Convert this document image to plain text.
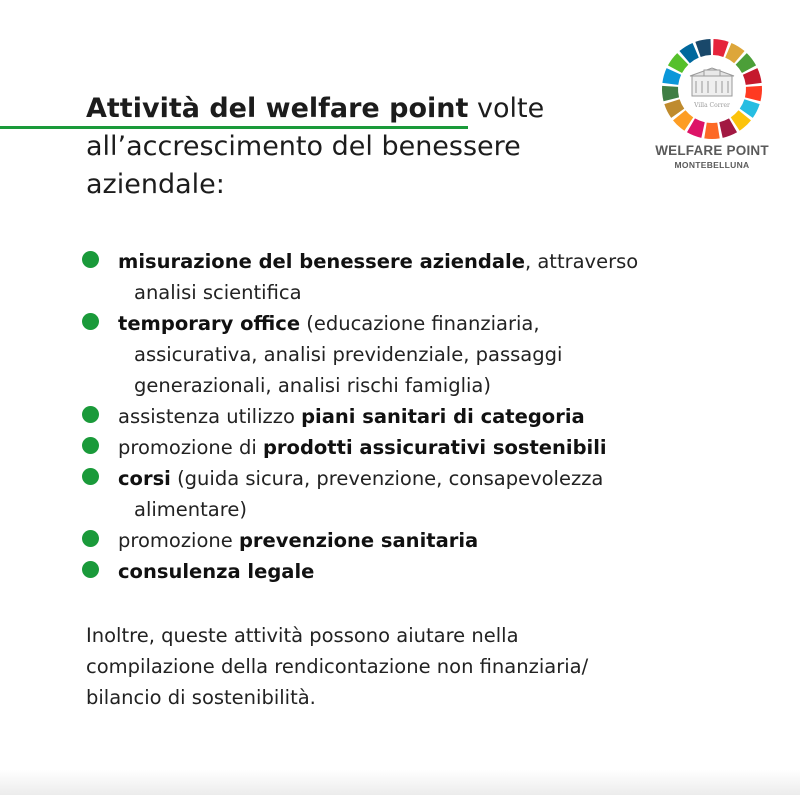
Attività del welfare point volte
all’accrescimento del benessere
aziendale:
Villa Correr
WELFARE POINT
MONTEBELLUNA
misurazione del benessere aziendale, attraverso
analisi scientifica
temporary office (educazione finanziaria,
assicurativa, analisi previdenziale, passaggi
generazionali, analisi rischi famiglia)
assistenza utilizzo piani sanitari di categoria
promozione di prodotti assicurativi sostenibili
corsi (guida sicura, prevenzione, consapevolezza
alimentare)
promozione prevenzione sanitaria
consulenza legale

Inoltre, queste attività possono aiutare nella
compilazione della rendicontazione non finanziaria/
bilancio di sostenibilità.
